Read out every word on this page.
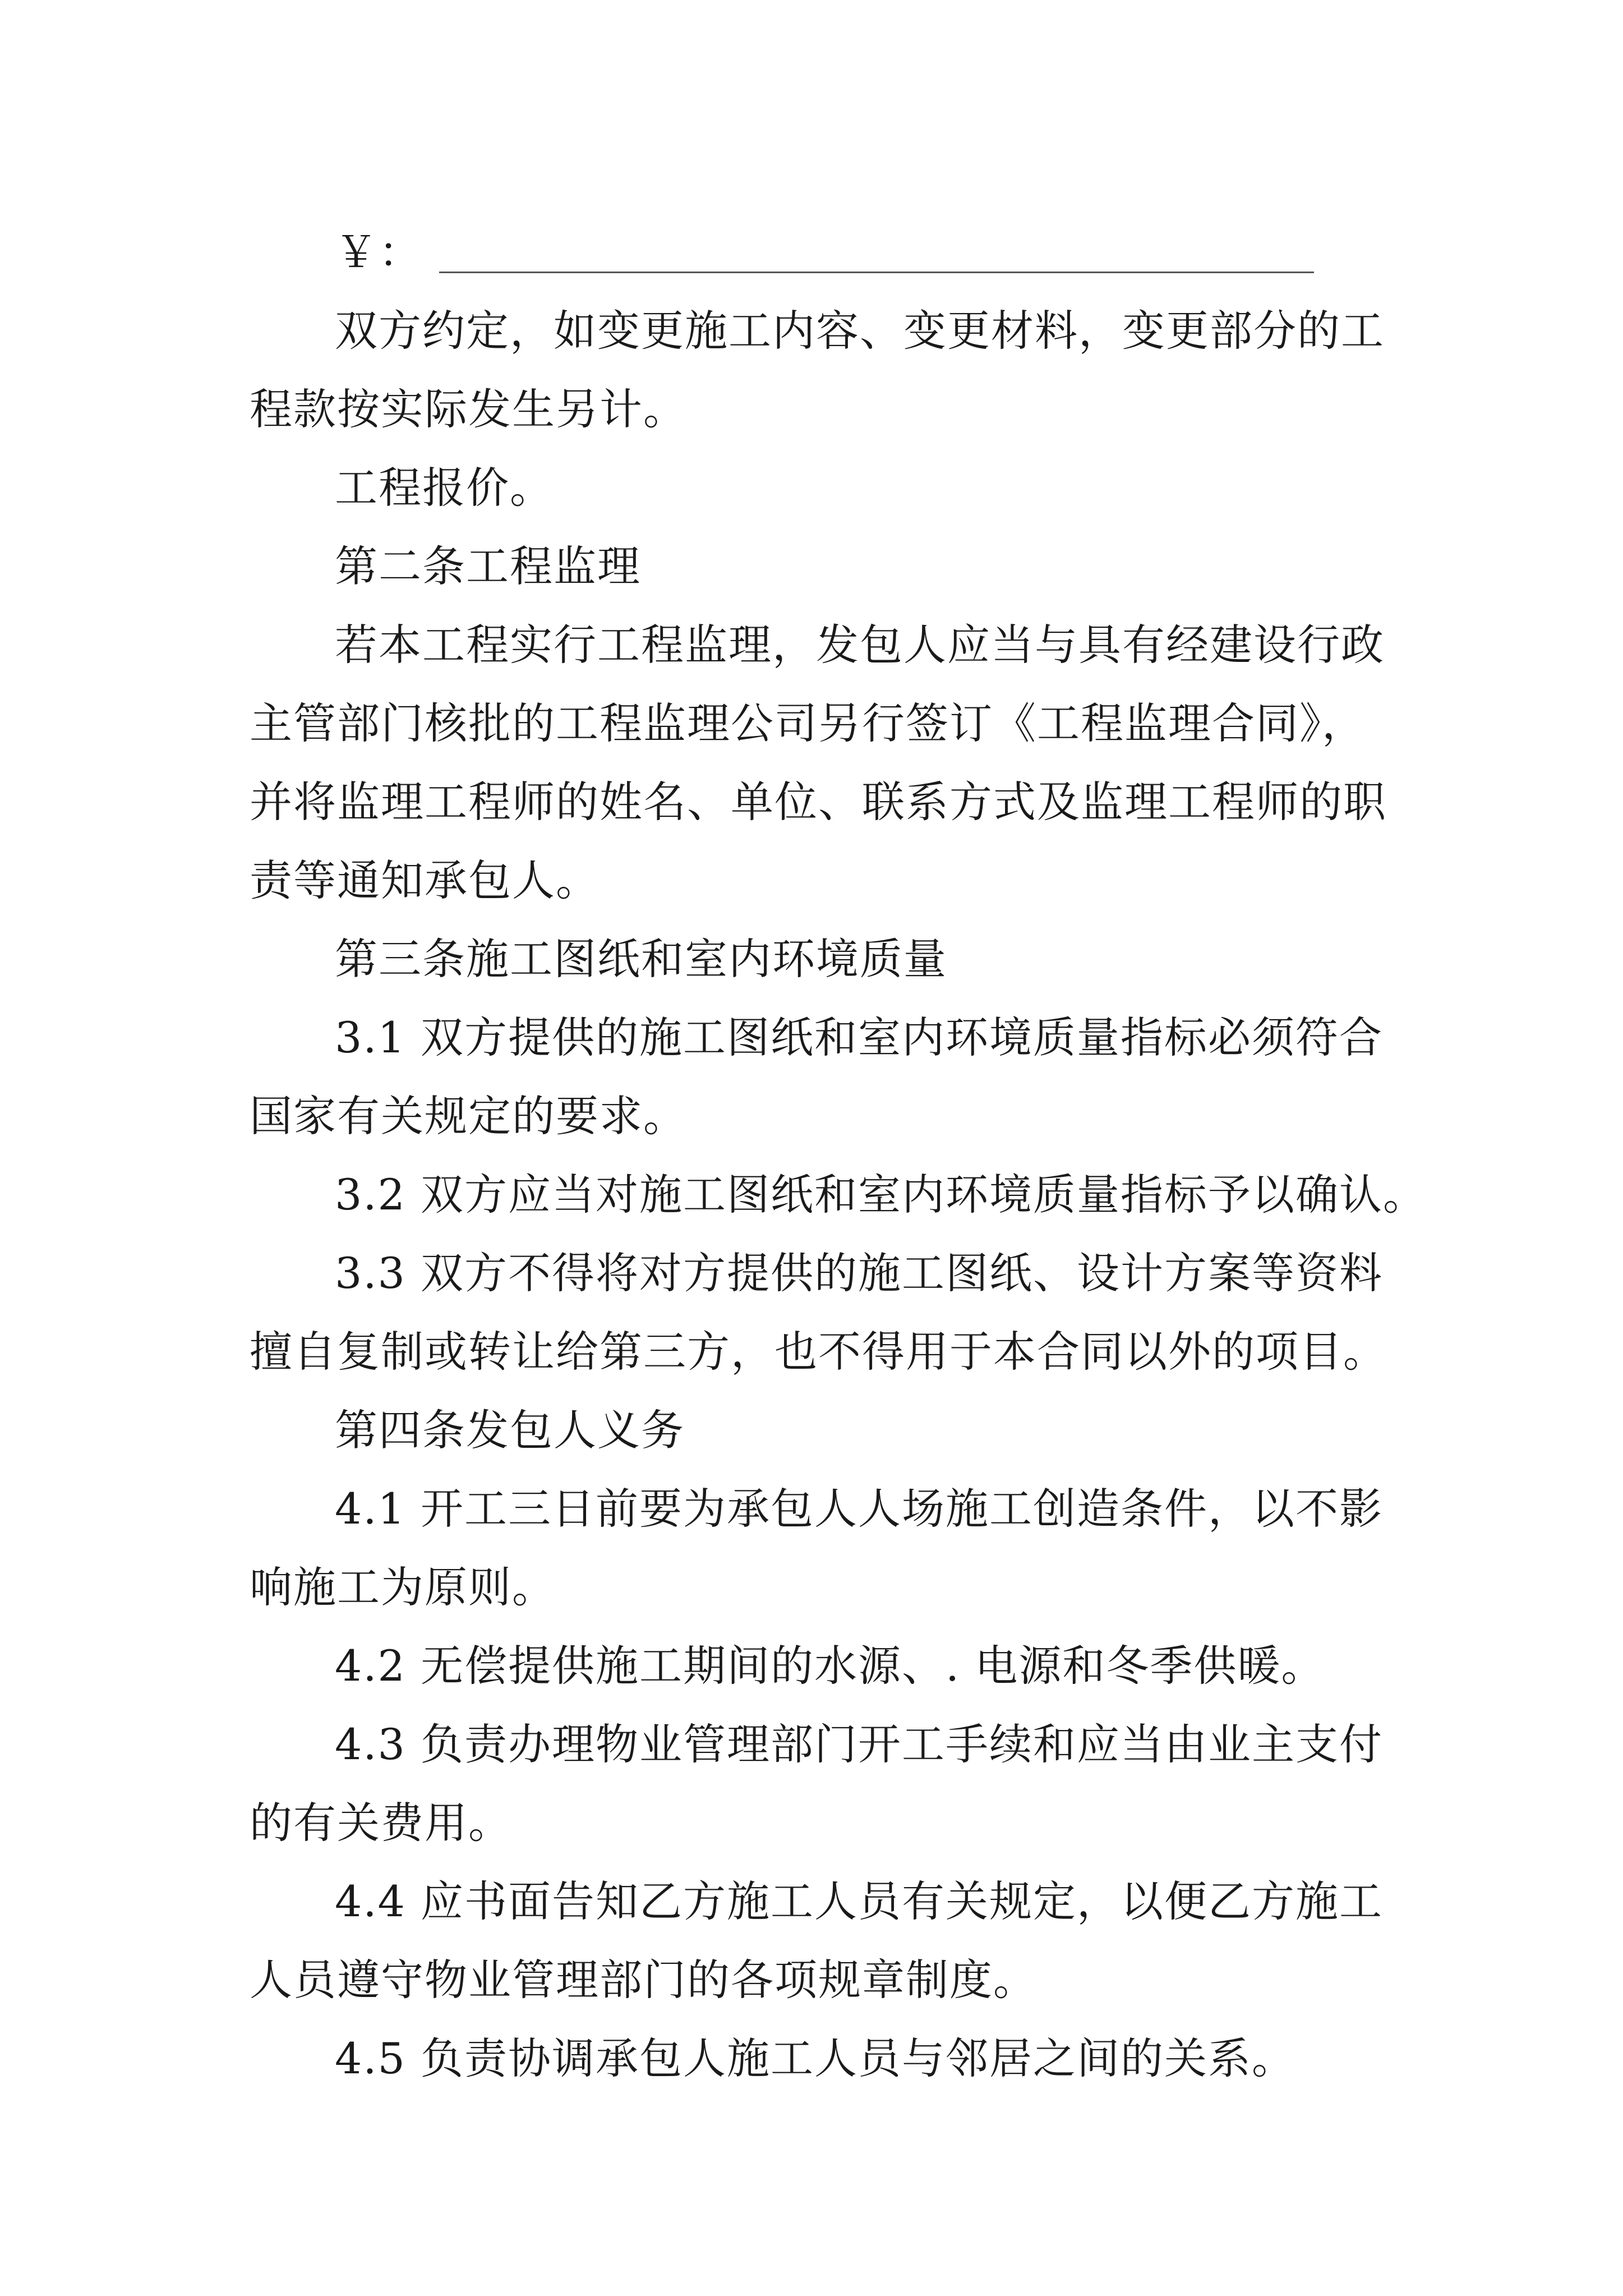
￥：
双方约定，如变更施工内容、变更材料，变更部分的工
程款按实际发生另计。
工程报价。
第二条工程监理
若本工程实行工程监理，发包人应当与具有经建设行政
主管部门核批的工程监理公司另行签订《工程监理合同》，
并将监理工程师的姓名、单位、联系方式及监理工程师的职
责等通知承包人。
第三条施工图纸和室内环境质量
3.1 双方提供的施工图纸和室内环境质量指标必须符合
国家有关规定的要求。
3.2 双方应当对施工图纸和室内环境质量指标予以确认。
3.3 双方不得将对方提供的施工图纸、设计方案等资料
擅自复制或转让给第三方，也不得用于本合同以外的项目。
第四条发包人义务
4.1 开工三日前要为承包人人场施工创造条件，以不影
响施工为原则。
4.2 无偿提供施工期间的水源、. 电源和冬季供暖。
4.3 负责办理物业管理部门开工手续和应当由业主支付
的有关费用。
4.4 应书面告知乙方施工人员有关规定，以便乙方施工
人员遵守物业管理部门的各项规章制度。
4.5 负责协调承包人施工人员与邻居之间的关系。
